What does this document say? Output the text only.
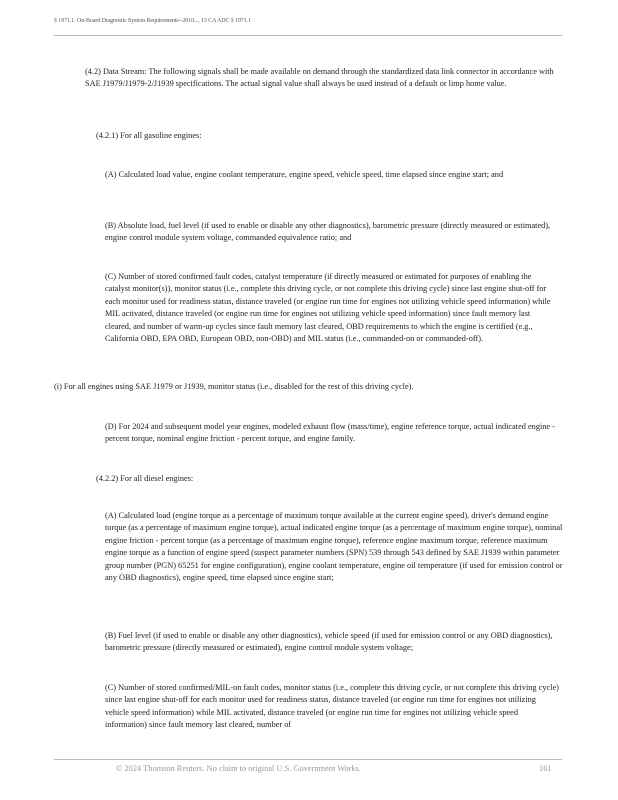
§ 1971.1. On-Board Diagnostic System Requirements--2010..., 13 CA ADC § 1971.1

(4.2) Data Stream: The following signals shall be made available on demand through the standardized data link connector in accordance with SAE J1979/J1979-2/J1939 specifications. The actual signal value shall always be used instead of a default or limp home value.

(4.2.1) For all gasoline engines:

(A) Calculated load value, engine coolant temperature, engine speed, vehicle speed, time elapsed since engine start; and

(B) Absolute load, fuel level (if used to enable or disable any other diagnostics), barometric pressure (directly measured or estimated), engine control module system voltage, commanded equivalence ratio; and

(C) Number of stored confirmed fault codes, catalyst temperature (if directly measured or estimated for purposes of enabling the catalyst monitor(s)), monitor status (i.e., complete this driving cycle, or not complete this driving cycle) since last engine shut-off for each monitor used for readiness status, distance traveled (or engine run time for engines not utilizing vehicle speed information) while MIL activated, distance traveled (or engine run time for engines not utilizing vehicle speed information) since fault memory last cleared, and number of warm-up cycles since fault memory last cleared, OBD requirements to which the engine is certified (e.g., California OBD, EPA OBD, European OBD, non-OBD) and MIL status (i.e., commanded-on or commanded-off).

(i) For all engines using SAE J1979 or J1939, monitor status (i.e., disabled for the rest of this driving cycle).

(D) For 2024 and subsequent model year engines, modeled exhaust flow (mass/time), engine reference torque, actual indicated engine - percent torque, nominal engine friction - percent torque, and engine family.

(4.2.2) For all diesel engines:

(A) Calculated load (engine torque as a percentage of maximum torque available at the current engine speed), driver's demand engine torque (as a percentage of maximum engine torque), actual indicated engine torque (as a percentage of maximum engine torque), nominal engine friction - percent torque (as a percentage of maximum engine torque), reference engine maximum torque, reference maximum engine torque as a function of engine speed (suspect parameter numbers (SPN) 539 through 543 defined by SAE J1939 within parameter group number (PGN) 65251 for engine configuration), engine coolant temperature, engine oil temperature (if used for emission control or any OBD diagnostics), engine speed, time elapsed since engine start;

(B) Fuel level (if used to enable or disable any other diagnostics), vehicle speed (if used for emission control or any OBD diagnostics), barometric pressure (directly measured or estimated), engine control module system voltage;

(C) Number of stored confirmed/MIL-on fault codes, monitor status (i.e., complete this driving cycle, or not complete this driving cycle) since last engine shut-off for each monitor used for readiness status, distance traveled (or engine run time for engines not utilizing vehicle speed information) while MIL activated, distance traveled (or engine run time for engines not utilizing vehicle speed information) since fault memory last cleared, number of

© 2024 Thomson Reuters. No claim to original U.S. Government Works.	161
